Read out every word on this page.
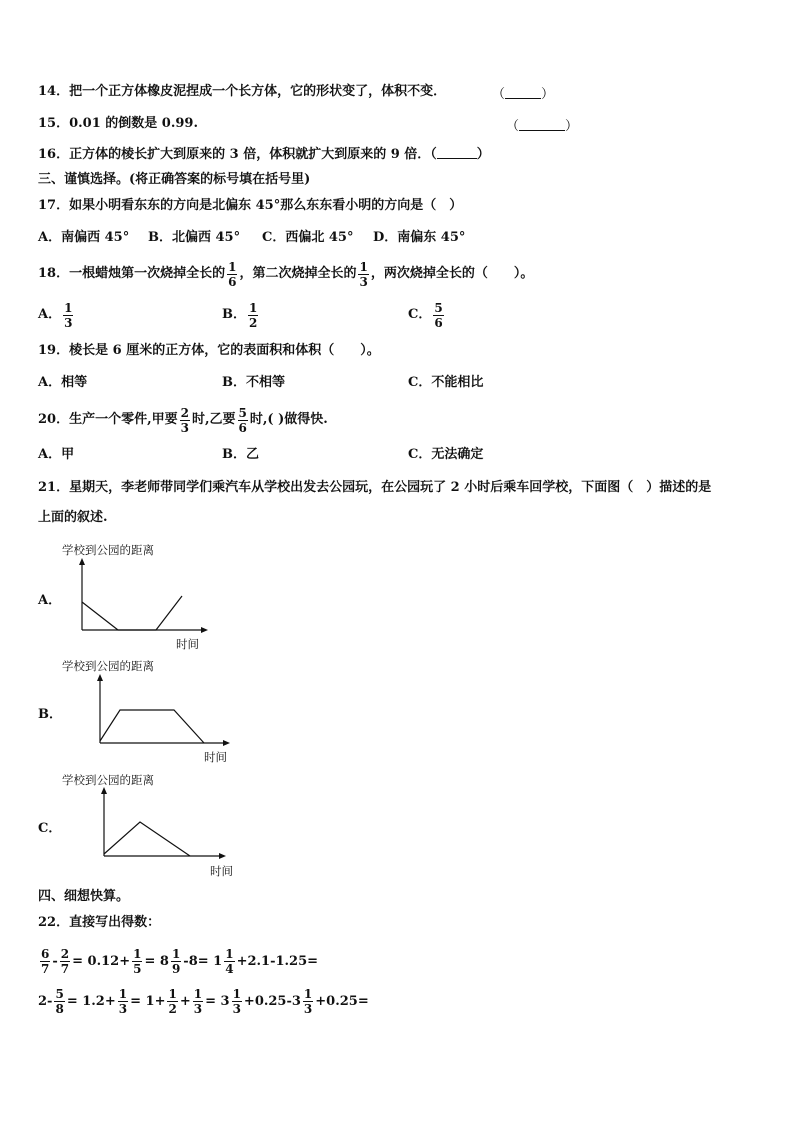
14．把一个正方体橡皮泥捏成一个长方体，它的形状变了，体积不变．	（	）
15．0.01 的倒数是 0.99.	（	）
16．正方体的棱长扩大到原来的 3 倍，体积就扩大到原来的 9 倍．（	）
三、谨慎选择。(将正确答案的标号填在括号里)
17．如果小明看东东的方向是北偏东 45°那么东东看小明的方向是（　）
A．南偏西 45° B．北偏西 45° C．西偏北 45° D．南偏东 45°
18．一根蜡烛第一次烧掉全长的 $\frac{1}{6}$ ，第二次烧掉全长的 $\frac{1}{3}$ ，两次烧掉全长的（　　）。
A． $\frac{1}{3}$	B． $\frac{1}{2}$	C． $\frac{5}{6}$
19．棱长是 6 厘米的正方体，它的表面积和体积（　　）。
A．相等	B．不相等	C．不能相比
20．生产一个零件,甲要 $\frac{2}{3}$ 时,乙要 $\frac{5}{6}$ 时,( )做得快.
A．甲	B．乙	C．无法确定
21．星期天，李老师带同学们乘汽车从学校出发去公园玩，在公园玩了 2 小时后乘车回学校，下面图（　）描述的是
上面的叙述.
学校到公园的距离
A．
时间
学校到公园的距离
B．
时间
学校到公园的距离
C．
时间
四、细想快算。
22．直接写出得数：
$\frac{6}{7} - \frac{2}{7} = 0.12+ \frac{1}{5} = 8 \frac{1}{9} -8= 1 \frac{1}{4} +2.1-1.25=$
$2- \frac{5}{8} = 1.2+ \frac{1}{3} = 1+ \frac{1}{2} + \frac{1}{3} = 3 \frac{1}{3} +0.25-3 \frac{1}{3} +0.25=$
